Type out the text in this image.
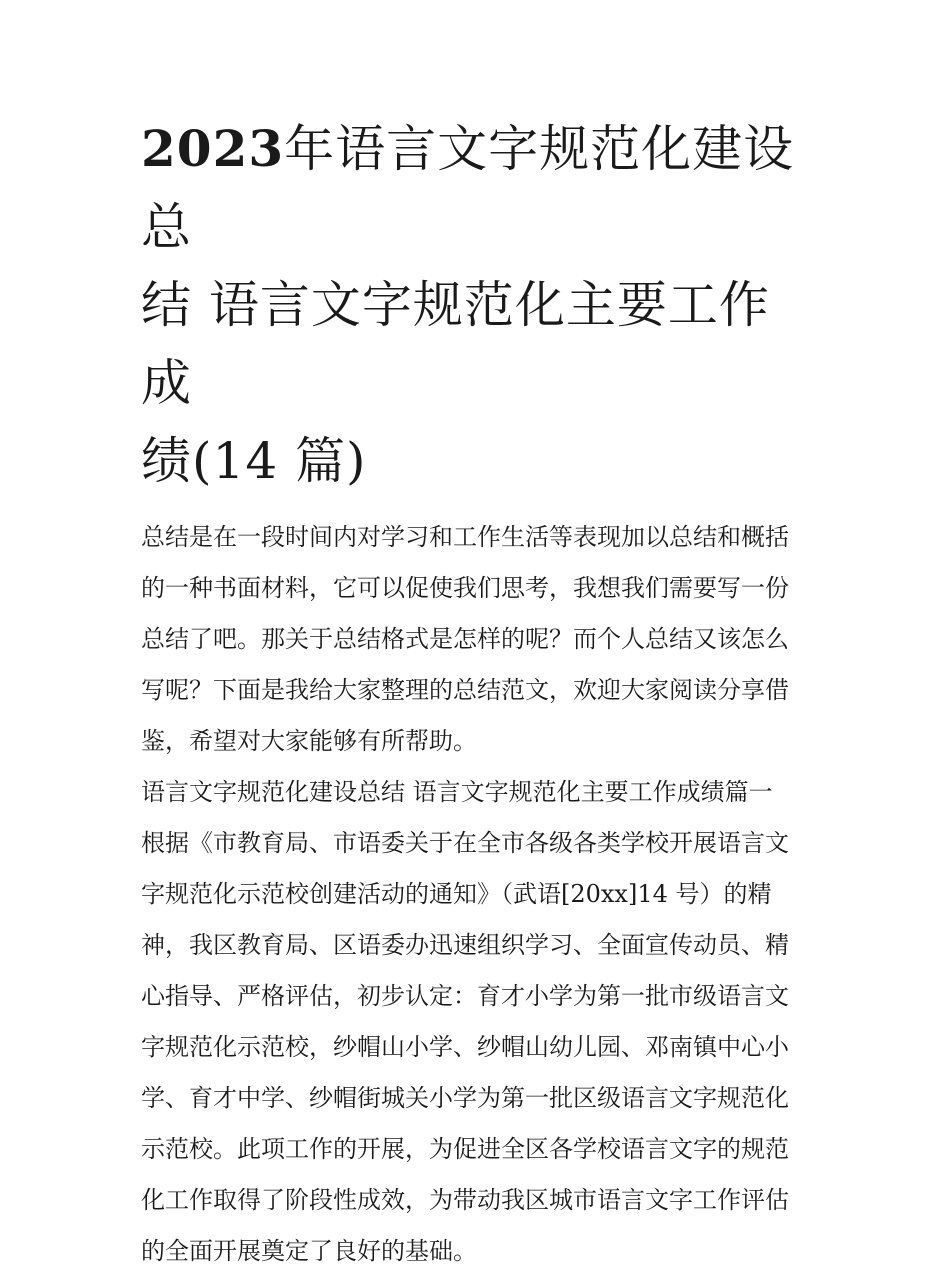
2023年语言文字规范化建设总
结 语言文字规范化主要工作成
绩(14 篇)

总结是在一段时间内对学习和工作生活等表现加以总结和概括
的一种书面材料，它可以促使我们思考，我想我们需要写一份
总结了吧。那关于总结格式是怎样的呢？而个人总结又该怎么
写呢？下面是我给大家整理的总结范文，欢迎大家阅读分享借
鉴，希望对大家能够有所帮助。

语言文字规范化建设总结 语言文字规范化主要工作成绩篇一

根据《市教育局、市语委关于在全市各级各类学校开展语言文
字规范化示范校创建活动的通知》（武语[20xx]14 号）的精
神，我区教育局、区语委办迅速组织学习、全面宣传动员、精
心指导、严格评估，初步认定：育才小学为第一批市级语言文
字规范化示范校，纱帽山小学、纱帽山幼儿园、邓南镇中心小
学、育才中学、纱帽街城关小学为第一批区级语言文字规范化
示范校。此项工作的开展，为促进全区各学校语言文字的规范
化工作取得了阶段性成效，为带动我区城市语言文字工作评估
的全面开展奠定了良好的基础。
